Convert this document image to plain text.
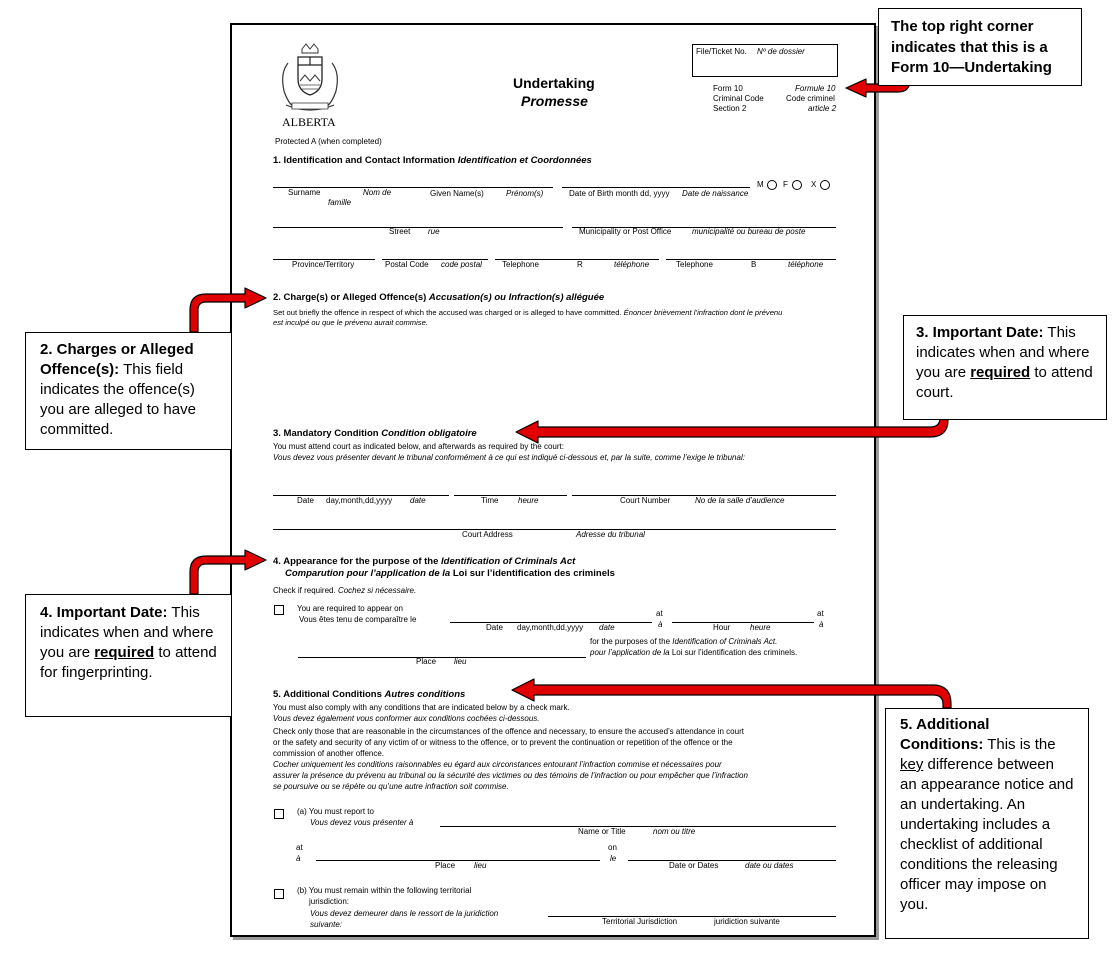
ALBERTA
Protected A (when completed)
Undertaking
Promesse
File/Ticket No. Nº de dossier
Form 10	Formule 10
Criminal Code	Code criminel
Section 2	article 2
1. Identification and Contact Information Identification et Coordonnées
Surname	Nom de
famille
Given Name(s)	Prénom(s)	Date of Birth month dd, yyyy Date de naissance
M F	X
Street rue	Municipality or Post Office	municipalité ou bureau de poste
Province/Territory	Postal Code code postal	Telephone	R	téléphone	Telephone	B	téléphone
2. Charge(s) or Alleged Offence(s) Accusation(s) ou Infraction(s) alléguée
Set out briefly the offence in respect of which the accused was charged or is alleged to have committed. Énoncer brièvement l’infraction dont le prévenu
est inculpé ou que le prévenu aurait commise.
3. Mandatory Condition Condition obligatoire
You must attend court as indicated below, and afterwards as required by the court:
Vous devez vous présenter devant le tribunal conformément à ce qui est indiqué ci-dessous et, par la suite, comme l’exige le tribunal:
Date day,month,dd,yyyy date	Time heure	Court Number	No de la salle d’audience
Court Address	Adresse du tribunal
4. Appearance for the purpose of the Identification of Criminals Act
Comparution pour l’application de la Loi sur l’identification des criminels
Check if required. Cochez si nécessaire.
You are required to appear on
Vous êtes tenu de comparaître le
at
à
at
à
Date day,month,dd,yyyy date	Hour heure
for the purposes of the Identification of Criminals Act.
pour l’application de la Loi sur l’identification des criminels.
Place lieu
5. Additional Conditions Autres conditions
You must also comply with any conditions that are indicated below by a check mark.
Vous devez également vous conformer aux conditions cochées ci-dessous.
Check only those that are reasonable in the circumstances of the offence and necessary, to ensure the accused’s attendance in court
or the safety and security of any victim of or witness to the offence, or to prevent the continuation or repetition of the offence or the
commission of another offence.
Cocher uniquement les conditions raisonnables eu égard aux circonstances entourant l’infraction commise et nécessaires pour
assurer la présence du prévenu au tribunal ou la sécurité des victimes ou des témoins de l’infraction ou pour empêcher que l’infraction
se poursuive ou se répète ou qu’une autre infraction soit commise.
(a) You must report to
Vous devez vous présenter à
Name or Title	nom ou titre
at
à
on
le
Place lieu	Date or Dates	date ou dates
(b) You must remain within the following territorial
jurisdiction:
Vous devez demeurer dans le ressort de la juridiction
suivante:	Territorial Jurisdiction	juridiction suivante
The top right corner indicates that this is a Form 10—Undertaking
2. Charges or Alleged Offence(s): This field indicates the offence(s) you are alleged to have committed.
3. Important Date: This indicates when and where you are required to attend court.
4. Important Date: This indicates when and where you are required to attend for fingerprinting.
5. Additional Conditions: This is the key difference between an appearance notice and an undertaking. An undertaking includes a checklist of additional conditions the releasing officer may impose on you.
